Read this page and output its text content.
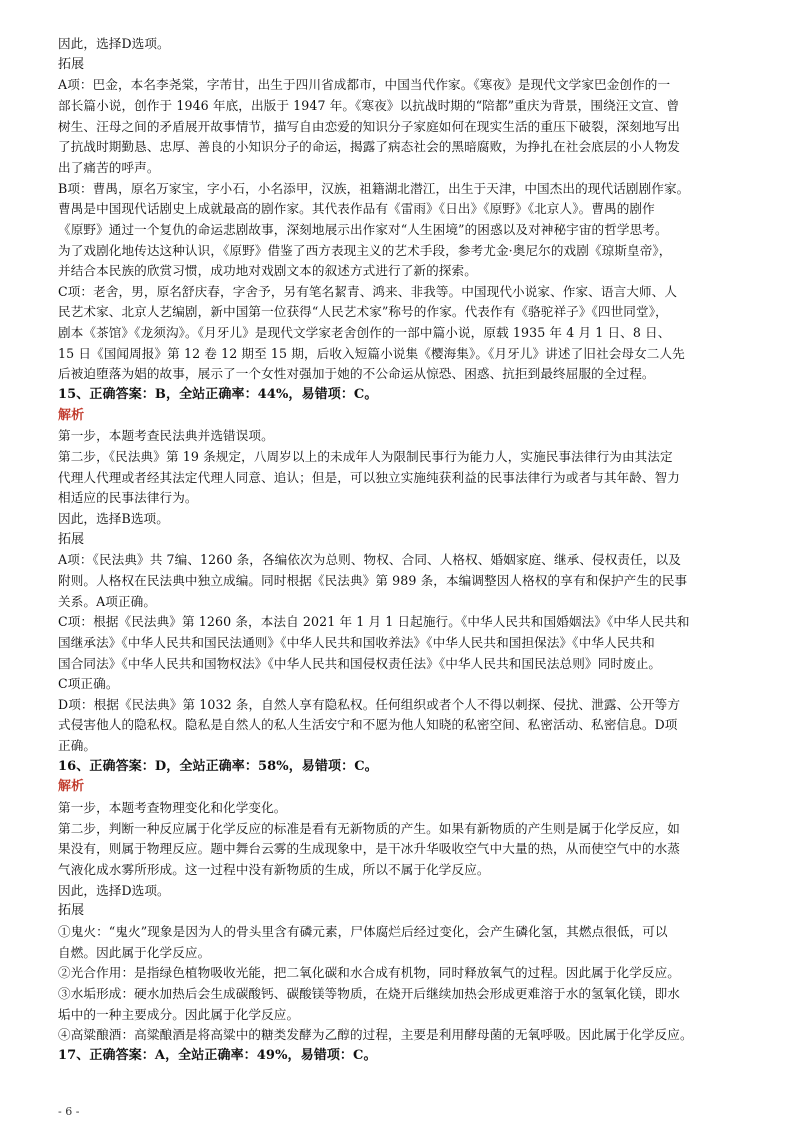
因此，选择D选项。

拓展

A项：巴金，本名李尧棠，字芾甘，出生于四川省成都市，中国当代作家。《寒夜》是现代文学家巴金创作的一

部长篇小说，创作于 1946 年底，出版于 1947 年。《寒夜》以抗战时期的“陪都”重庆为背景，围绕汪文宣、曾

树生、汪母之间的矛盾展开故事情节，描写自由恋爱的知识分子家庭如何在现实生活的重压下破裂，深刻地写出

了抗战时期勤恳、忠厚、善良的小知识分子的命运，揭露了病态社会的黑暗腐败，为挣扎在社会底层的小人物发

出了痛苦的呼声。

B项：曹禺，原名万家宝，字小石，小名添甲，汉族，祖籍湖北潜江，出生于天津，中国杰出的现代话剧剧作家。

曹禺是中国现代话剧史上成就最高的剧作家。其代表作品有《雷雨》《日出》《原野》《北京人》。曹禺的剧作

《原野》通过一个复仇的命运悲剧故事，深刻地展示出作家对“人生困境”的困惑以及对神秘宇宙的哲学思考。

为了戏剧化地传达这种认识，《原野》借鉴了西方表现主义的艺术手段，参考尤金·奥尼尔的戏剧《琼斯皇帝》，

并结合本民族的欣赏习惯，成功地对戏剧文本的叙述方式进行了新的探索。

C项：老舍，男，原名舒庆春，字舍予，另有笔名絜青、鸿来、非我等。中国现代小说家、作家、语言大师、人

民艺术家、北京人艺编剧，新中国第一位获得“人民艺术家”称号的作家。代表作有《骆驼祥子》《四世同堂》，

剧本《茶馆》《龙须沟》。《月牙儿》是现代文学家老舍创作的一部中篇小说，原载 1935 年 4 月 1 日、8 日、

15 日《国闻周报》第 12 卷 12 期至 15 期，后收入短篇小说集《樱海集》。《月牙儿》讲述了旧社会母女二人先

后被迫堕落为娼的故事，展示了一个女性对强加于她的不公命运从惊恐、困惑、抗拒到最终屈服的全过程。

15、正确答案：B，全站正确率：44%，易错项：C。

解析

第一步，本题考查民法典并选错误项。

第二步，《民法典》第 19 条规定，八周岁以上的未成年人为限制民事行为能力人，实施民事法律行为由其法定

代理人代理或者经其法定代理人同意、追认；但是，可以独立实施纯获利益的民事法律行为或者与其年龄、智力

相适应的民事法律行为。

因此，选择B选项。

拓展

A项：《民法典》共 7编、1260 条，各编依次为总则、物权、合同、人格权、婚姻家庭、继承、侵权责任，以及

附则。人格权在民法典中独立成编。同时根据《民法典》第 989 条，本编调整因人格权的享有和保护产生的民事

关系。A项正确。

C项：根据《民法典》第 1260 条，本法自 2021 年 1 月 1 日起施行。《中华人民共和国婚姻法》《中华人民共和

国继承法》《中华人民共和国民法通则》《中华人民共和国收养法》《中华人民共和国担保法》《中华人民共和

国合同法》《中华人民共和国物权法》《中华人民共和国侵权责任法》《中华人民共和国民法总则》同时废止。

C项正确。

D项：根据《民法典》第 1032 条，自然人享有隐私权。任何组织或者个人不得以刺探、侵扰、泄露、公开等方

式侵害他人的隐私权。隐私是自然人的私人生活安宁和不愿为他人知晓的私密空间、私密活动、私密信息。D项

正确。

16、正确答案：D，全站正确率：58%，易错项：C。

解析

第一步，本题考查物理变化和化学变化。

第二步，判断一种反应属于化学反应的标准是看有无新物质的产生。如果有新物质的产生则是属于化学反应，如

果没有，则属于物理反应。题中舞台云雾的生成现象中，是干冰升华吸收空气中大量的热，从而使空气中的水蒸

气液化成水雾所形成。这一过程中没有新物质的生成，所以不属于化学反应。

因此，选择D选项。

拓展

①鬼火：“鬼火”现象是因为人的骨头里含有磷元素，尸体腐烂后经过变化，会产生磷化氢，其燃点很低，可以

自燃。因此属于化学反应。

②光合作用：是指绿色植物吸收光能，把二氧化碳和水合成有机物，同时释放氧气的过程。因此属于化学反应。

③水垢形成：硬水加热后会生成碳酸钙、碳酸镁等物质，在烧开后继续加热会形成更难溶于水的氢氧化镁，即水

垢中的一种主要成分。因此属于化学反应。

④高粱酿酒：高粱酿酒是将高粱中的糖类发酵为乙醇的过程，主要是利用酵母菌的无氧呼吸。因此属于化学反应。

17、正确答案：A，全站正确率：49%，易错项：C。

- 6 -
